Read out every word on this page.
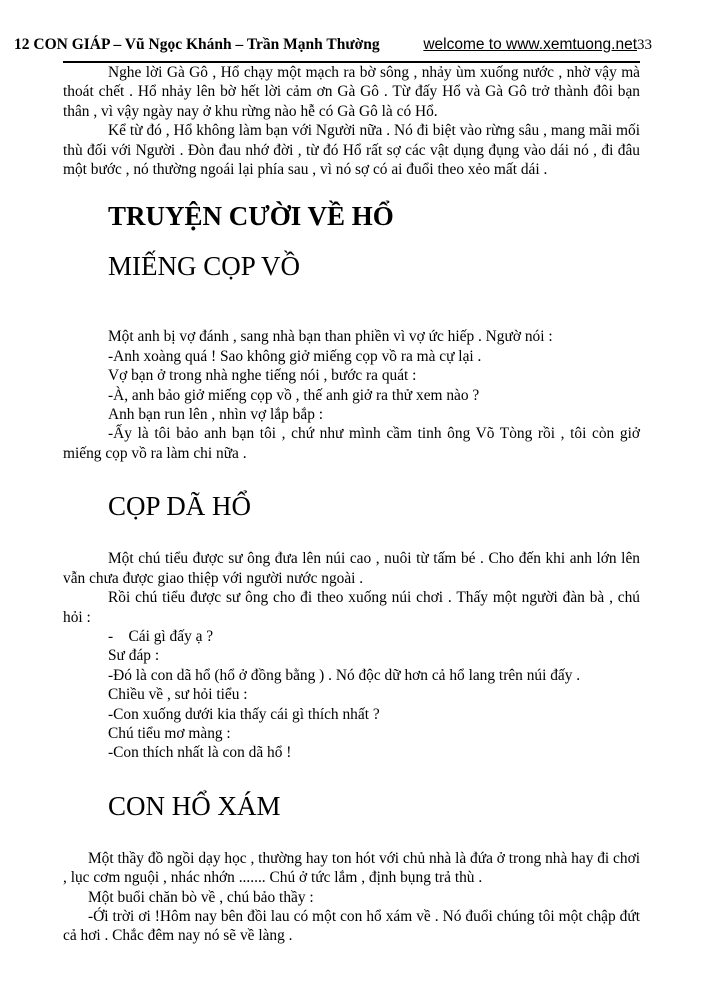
12 CON GIÁP – Vũ Ngọc Khánh – Trần Mạnh Thường	welcome to www.xemtuong.net33

Nghe lời Gà Gô , Hổ chạy một mạch ra bờ sông , nhảy ùm xuống nước , nhờ vậy mà thoát chết . Hổ nhảy lên bờ hết lời cảm ơn Gà Gô . Từ đấy Hổ và Gà Gô trở thành đôi bạn thân , vì vậy ngày nay ở khu rừng nào hễ có Gà Gô là có Hổ.

Kể từ đó , Hổ không làm bạn với Người nữa . Nó đi biệt vào rừng sâu , mang mãi mối thù đối với Người . Đòn đau nhớ đời , từ đó Hổ rất sợ các vật dụng đụng vào dái nó , đi đâu một bước , nó thường ngoái lại phía sau , vì nó sợ có ai đuổi theo xẻo mất dái .

TRUYỆN CƯỜI VỀ HỔ
MIẾNG CỌP VỒ

Một anh bị vợ đánh , sang nhà bạn than phiền vì vợ ức hiếp . Ngườ nói :

-Anh xoàng quá ! Sao không giở miếng cọp vồ ra mà cự lại .

Vợ bạn ở trong nhà nghe tiếng nói , bước ra quát :

-À, anh bảo giở miếng cọp vồ , thế anh giở ra thử xem nào ?

Anh bạn run lên , nhìn vợ lắp bắp :

-Ấy là tôi bảo anh bạn tôi , chứ như mình cầm tinh ông Võ Tòng rồi , tôi còn giở miếng cọp vồ ra làm chi nữa .

CỌP DÃ HỔ

Một chú tiểu được sư ông đưa lên núi cao , nuôi từ tấm bé . Cho đến khi anh lớn lên vẫn chưa được giao thiệp với người nước ngoài .

Rồi chú tiểu được sư ông cho đi theo xuống núi chơi . Thấy một người đàn bà , chú hỏi :

-    Cái gì đấy ạ ?

Sư đáp :

-Đó là con dã hổ (hổ ở đồng bằng ) . Nó độc dữ hơn cả hổ lang trên núi đấy .

Chiều về , sư hỏi tiểu :

-Con xuống dưới kia thấy cái gì thích nhất ?

Chú tiểu mơ màng :

-Con thích nhất là con dã hổ !

CON HỔ XÁM

Một thầy đồ ngồi dạy học , thường hay ton hót với chủ nhà là đứa ở trong nhà hay đi chơi , lục cơm nguội , nhác nhớn ....... Chú ở tức lắm , định bụng trả thù .

Một buổi chăn bò về , chú bảo thầy :

-Ới trời ơi !Hôm nay bên đồi lau có một con hổ xám về . Nó đuổi chúng tôi một chập đứt cả hơi . Chắc đêm nay nó sẽ về làng .
